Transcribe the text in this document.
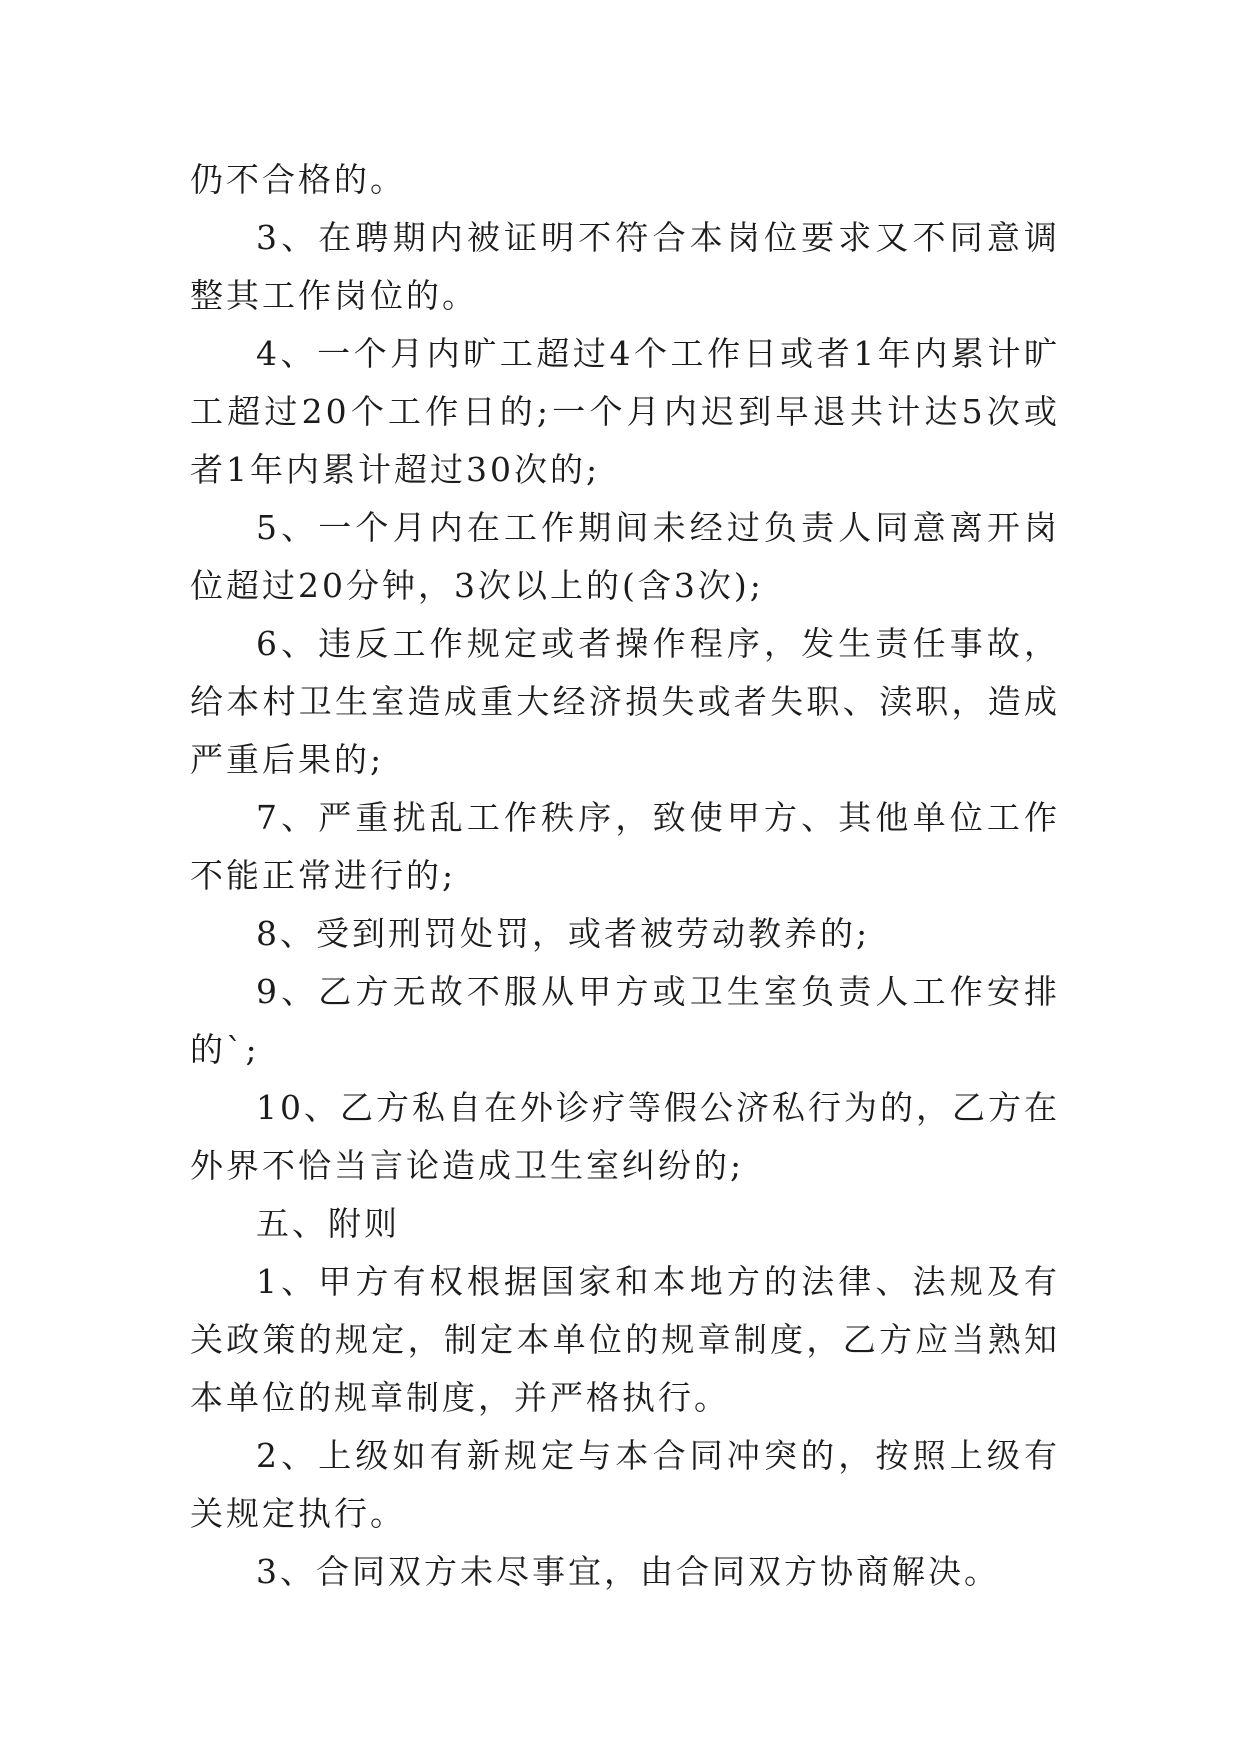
仍不合格的。

3、在聘期内被证明不符合本岗位要求又不同意调整其工作岗位的。

4、一个月内旷工超过4个工作日或者1年内累计旷工超过20个工作日的;一个月内迟到早退共计达5次或者1年内累计超过30次的;

5、一个月内在工作期间未经过负责人同意离开岗位超过20分钟，3次以上的(含3次);

6、违反工作规定或者操作程序，发生责任事故，给本村卫生室造成重大经济损失或者失职、渎职，造成严重后果的;

7、严重扰乱工作秩序，致使甲方、其他单位工作不能正常进行的;

8、受到刑罚处罚，或者被劳动教养的;

9、乙方无故不服从甲方或卫生室负责人工作安排的`;

10、乙方私自在外诊疗等假公济私行为的，乙方在外界不恰当言论造成卫生室纠纷的;

五、附则

1、甲方有权根据国家和本地方的法律、法规及有关政策的规定，制定本单位的规章制度，乙方应当熟知本单位的规章制度，并严格执行。

2、上级如有新规定与本合同冲突的，按照上级有关规定执行。

3、合同双方未尽事宜，由合同双方协商解决。
